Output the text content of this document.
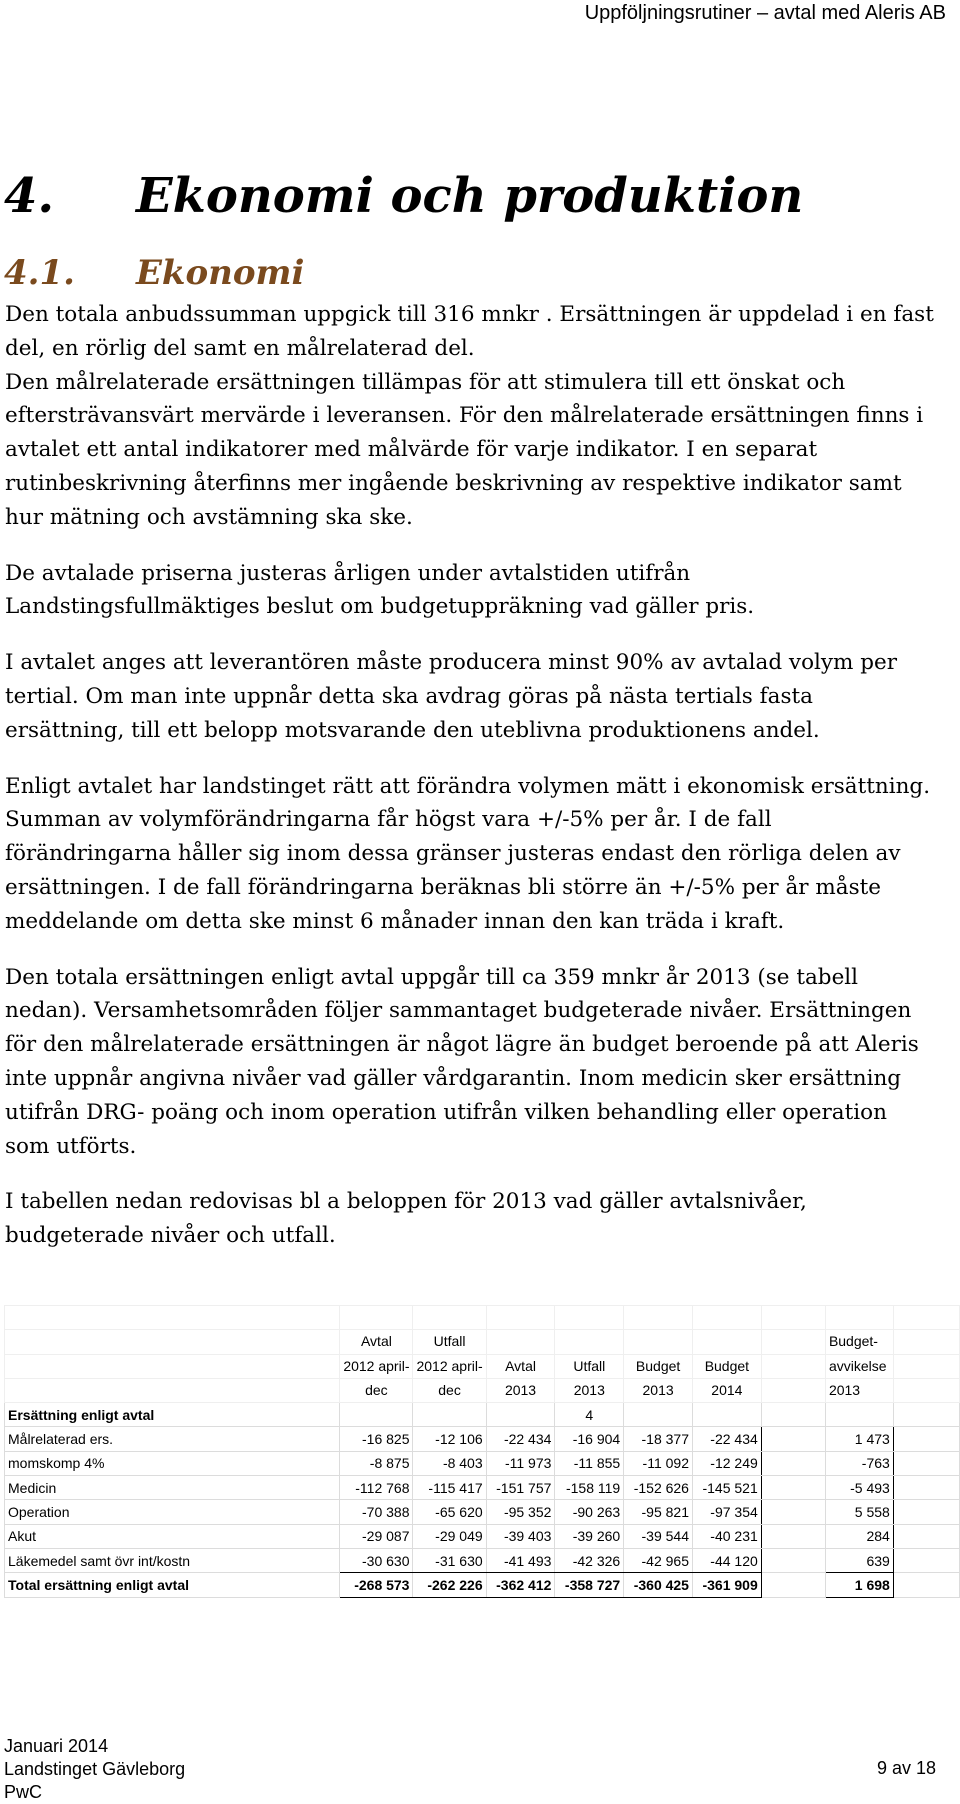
Uppföljningsrutiner – avtal med Aleris AB
4. Ekonomi och produktion
4.1. Ekonomi

Den totala anbudssumman uppgick till 316 mnkr . Ersättningen är uppdelad i en fast del, en rörlig del samt en målrelaterad del.

Den målrelaterade ersättningen tillämpas för att stimulera till ett önskat och eftersträvansvärt mervärde i leveransen. För den målrelaterade ersättningen finns i avtalet ett antal indikatorer med målvärde för varje indikator. I en separat rutinbeskrivning återfinns mer ingående beskrivning av respektive indikator samt hur mätning och avstämning ska ske.

De avtalade priserna justeras årligen under avtalstiden utifrån Landstingsfullmäktiges beslut om budgetuppräkning vad gäller pris.

I avtalet anges att leverantören måste producera minst 90% av avtalad volym per tertial. Om man inte uppnår detta ska avdrag göras på nästa tertials fasta ersättning, till ett belopp motsvarande den uteblivna produktionens andel.

Enligt avtalet har landstinget rätt att förändra volymen mätt i ekonomisk ersättning. Summan av volymförändringarna får högst vara +/-5% per år. I de fall förändringarna håller sig inom dessa gränser justeras endast den rörliga delen av ersättningen. I de fall förändringarna beräknas bli större än +/-5% per år måste meddelande om detta ske minst 6 månader innan den kan träda i kraft.

Den totala ersättningen enligt avtal uppgår till ca 359 mnkr år 2013 (se tabell nedan). Versamhetsområden följer sammantaget budgeterade nivåer. Ersättningen för den målrelaterade ersättningen är något lägre än budget beroende på att Aleris inte uppnår angivna nivåer vad gäller vårdgarantin. Inom medicin sker ersättning utifrån DRG- poäng och inom operation utifrån vilken behandling eller operation som utförts.

I tabellen nedan redovisas bl a beloppen för 2013 vad gäller avtalsnivåer, budgeterade nivåer och utfall.

	Avtal	Utfall						Budget-	
	2012 april-	2012 april-	Avtal	Utfall	Budget	Budget		avvikelse	
	dec	dec	2013	2013	2013	2014		2013	
Ersättning enligt avtal				4					
Målrelaterad ers.	-16 825	-12 106	-22 434	-16 904	-18 377	-22 434		1 473	
momskomp 4%	-8 875	-8 403	-11 973	-11 855	-11 092	-12 249		-763	
Medicin	-112 768	-115 417	-151 757	-158 119	-152 626	-145 521		-5 493	
Operation	-70 388	-65 620	-95 352	-90 263	-95 821	-97 354		5 558	
Akut	-29 087	-29 049	-39 403	-39 260	-39 544	-40 231		284	
Läkemedel samt övr int/kostn	-30 630	-31 630	-41 493	-42 326	-42 965	-44 120		639	
Total ersättning enligt avtal	-268 573	-262 226	-362 412	-358 727	-360 425	-361 909		1 698	
Januari 2014
Landstinget Gävleborg
PwC
9 av 18
